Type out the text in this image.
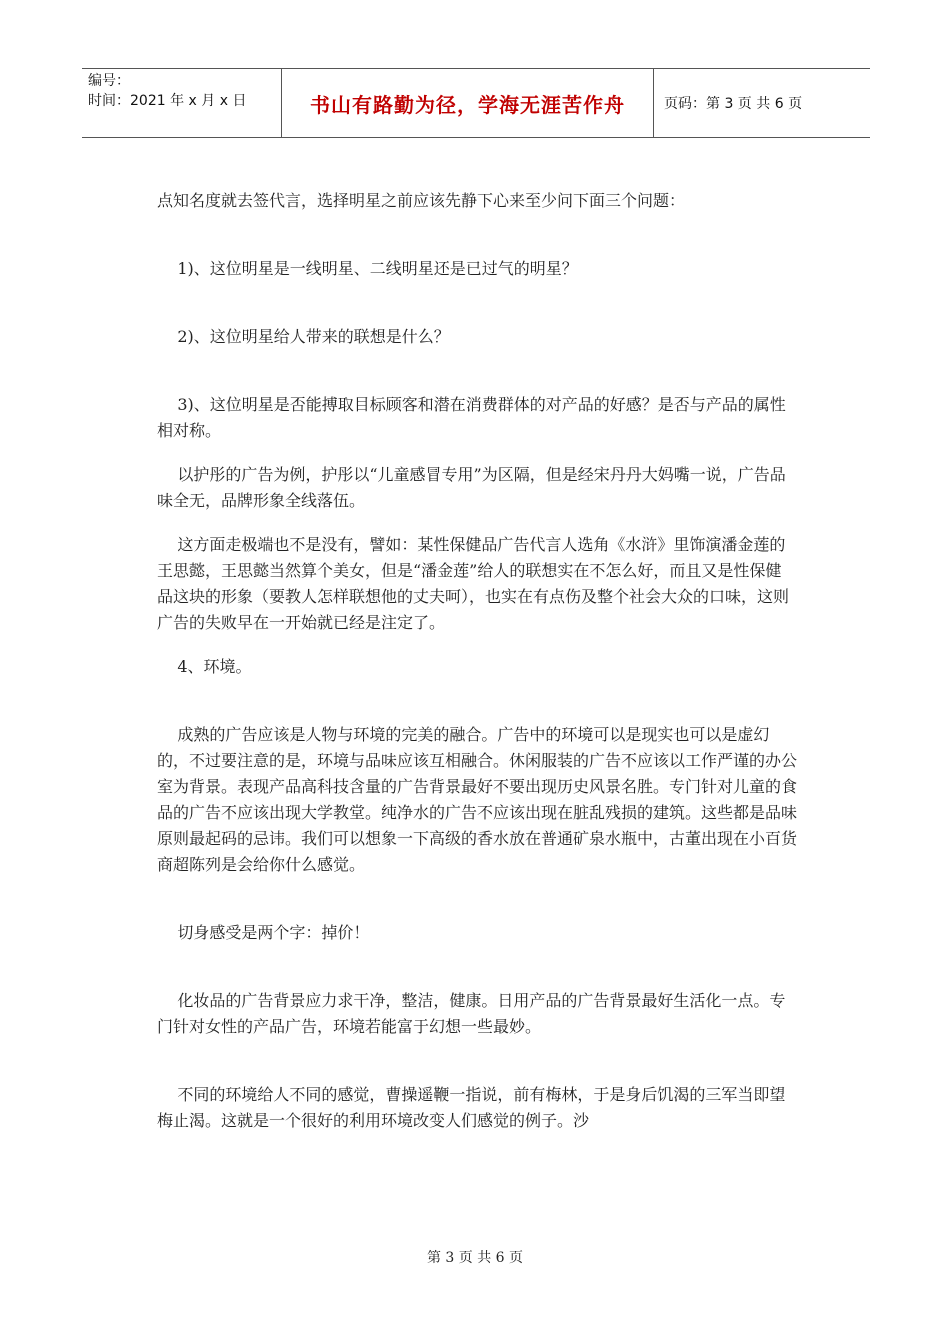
编号：
时间：2021 年 x 月 x 日	书山有路勤为径，学海无涯苦作舟	页码：第 3 页 共 6 页

点知名度就去签代言，选择明星之前应该先静下心来至少问下面三个问题：

1)、这位明星是一线明星、二线明星还是已过气的明星？

2)、这位明星给人带来的联想是什么？

3)、这位明星是否能搏取目标顾客和潜在消费群体的对产品的好感？是否与产品的属性相对称。

以护彤的广告为例，护彤以“儿童感冒专用”为区隔，但是经宋丹丹大妈嘴一说，广告品味全无，品牌形象全线落伍。

这方面走极端也不是没有，譬如：某性保健品广告代言人选角《水浒》里饰演潘金莲的王思懿，王思懿当然算个美女，但是“潘金莲”给人的联想实在不怎么好，而且又是性保健品这块的形象（要教人怎样联想他的丈夫呵），也实在有点伤及整个社会大众的口味，这则广告的失败早在一开始就已经是注定了。

4、环境。

成熟的广告应该是人物与环境的完美的融合。广告中的环境可以是现实也可以是虚幻的，不过要注意的是，环境与品味应该互相融合。休闲服装的广告不应该以工作严谨的办公室为背景。表现产品高科技含量的广告背景最好不要出现历史风景名胜。专门针对儿童的食品的广告不应该出现大学教堂。纯净水的广告不应该出现在脏乱残损的建筑。这些都是品味原则最起码的忌讳。我们可以想象一下高级的香水放在普通矿泉水瓶中，古董出现在小百货商超陈列是会给你什么感觉。

切身感受是两个字：掉价！

化妆品的广告背景应力求干净，整洁，健康。日用产品的广告背景最好生活化一点。专门针对女性的产品广告，环境若能富于幻想一些最妙。

不同的环境给人不同的感觉，曹操遥鞭一指说，前有梅林，于是身后饥渴的三军当即望梅止渴。这就是一个很好的利用环境改变人们感觉的例子。沙

第 3 页 共 6 页
